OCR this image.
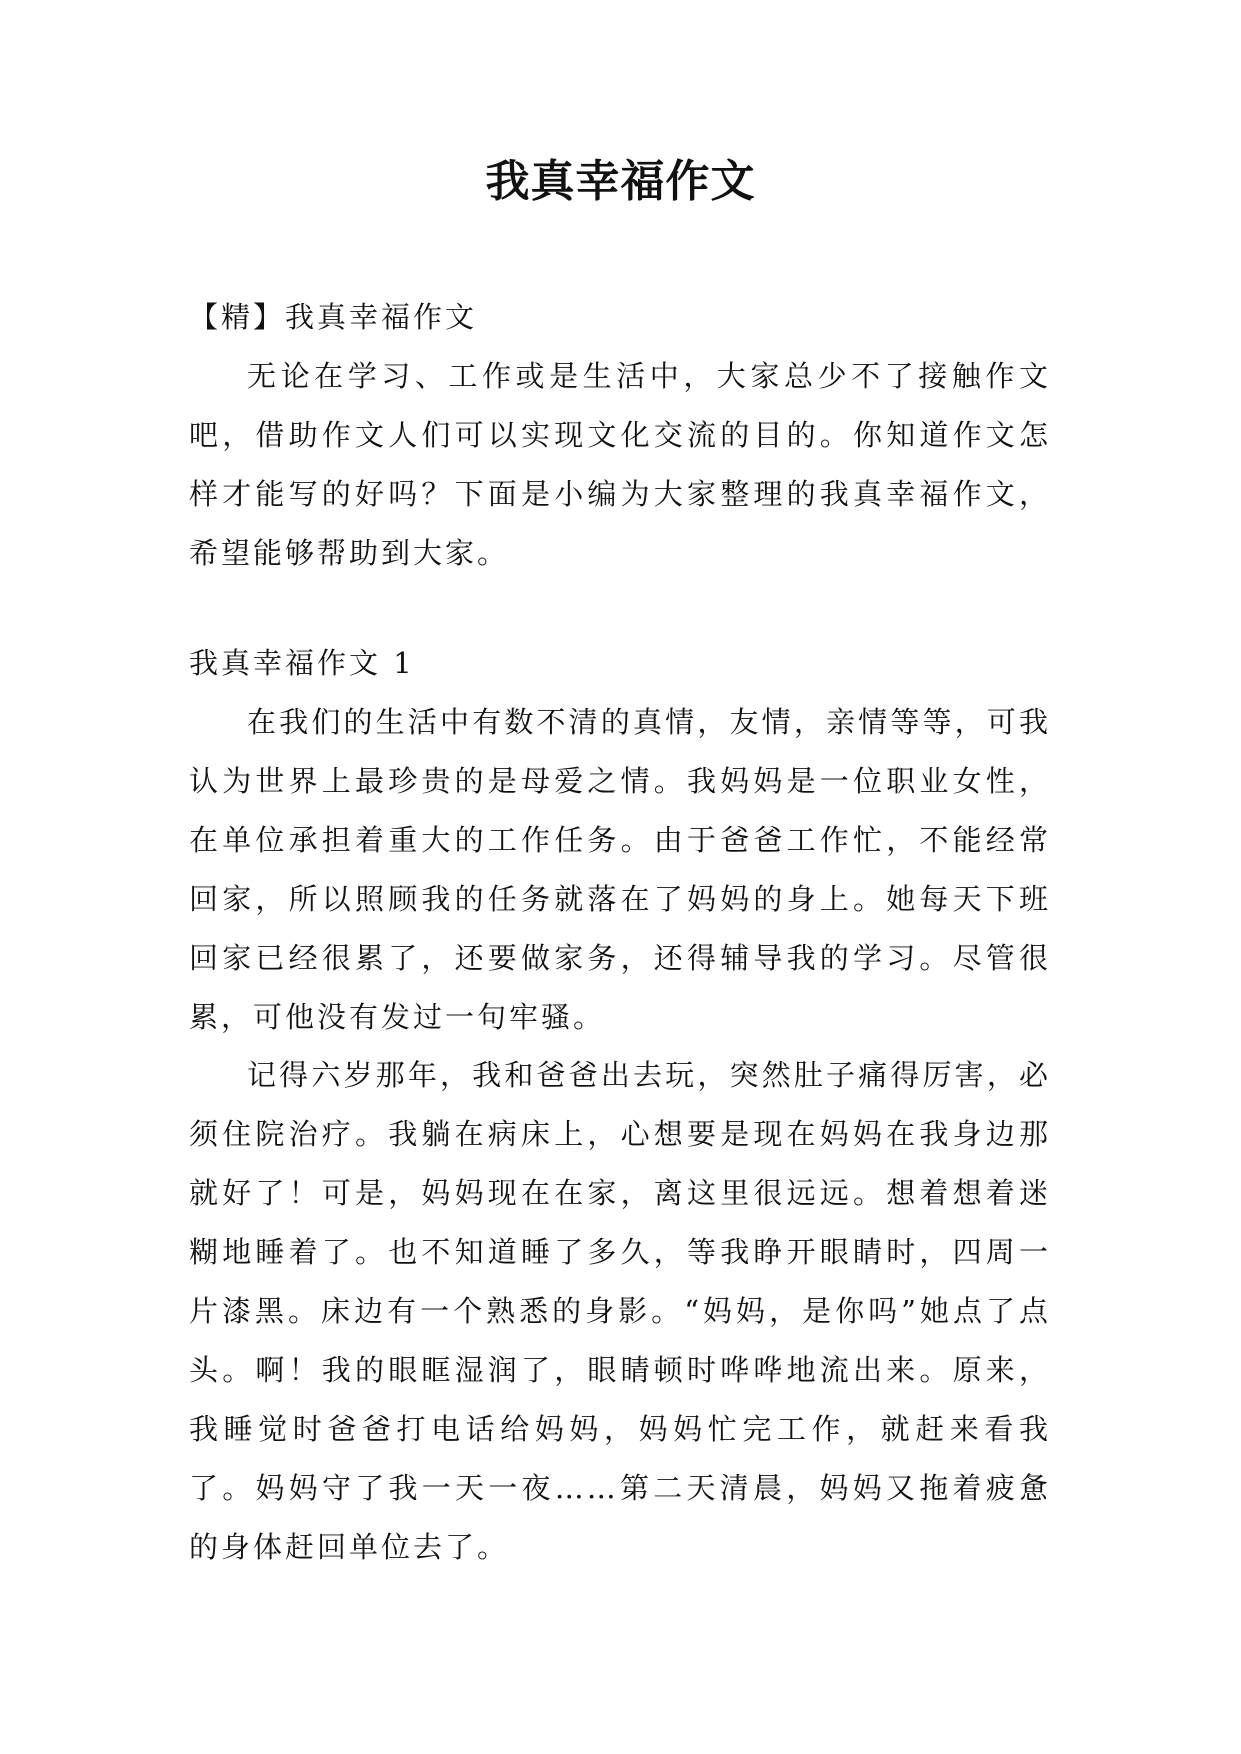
我真幸福作文

【精】我真幸福作文

无论在学习、工作或是生活中，大家总少不了接触作文吧，借助作文人们可以实现文化交流的目的。你知道作文怎样才能写的好吗？下面是小编为大家整理的我真幸福作文，希望能够帮助到大家。

我真幸福作文 1

在我们的生活中有数不清的真情，友情，亲情等等，可我认为世界上最珍贵的是母爱之情。我妈妈是一位职业女性，在单位承担着重大的工作任务。由于爸爸工作忙，不能经常回家，所以照顾我的任务就落在了妈妈的身上。她每天下班回家已经很累了，还要做家务，还得辅导我的学习。尽管很累，可他没有发过一句牢骚。

记得六岁那年，我和爸爸出去玩，突然肚子痛得厉害，必须住院治疗。我躺在病床上，心想要是现在妈妈在我身边那就好了！可是，妈妈现在在家，离这里很远远。想着想着迷糊地睡着了。也不知道睡了多久，等我睁开眼睛时，四周一片漆黑。床边有一个熟悉的身影。“妈妈，是你吗”她点了点头。啊！我的眼眶湿润了，眼睛顿时哗哗地流出来。原来，我睡觉时爸爸打电话给妈妈，妈妈忙完工作，就赶来看我了。妈妈守了我一天一夜……第二天清晨，妈妈又拖着疲惫的身体赶回单位去了。
